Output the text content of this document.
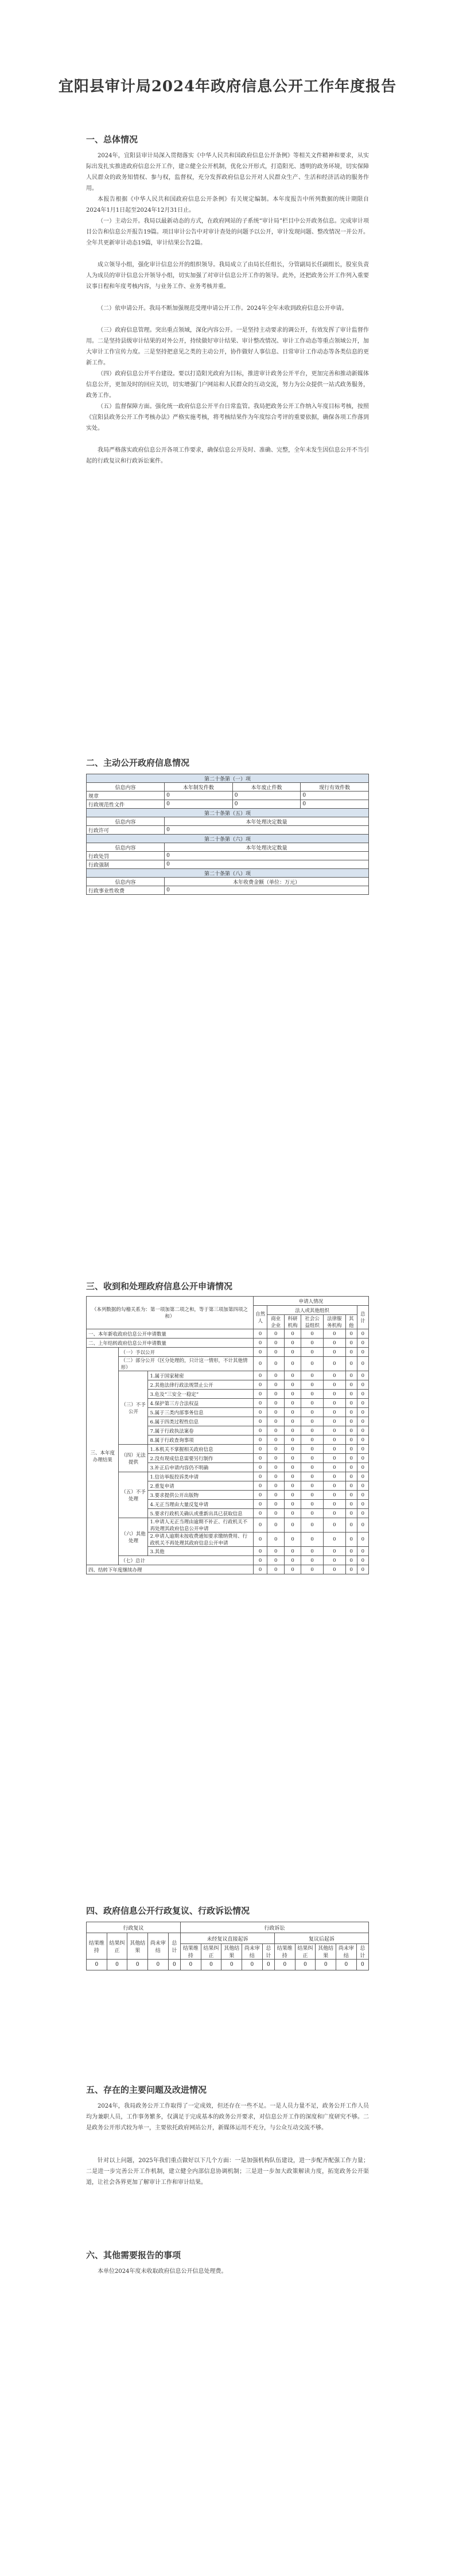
宜阳县审计局2024年政府信息公开工作年度报告
一、总体情况

2024年，宜阳县审计局深入贯彻落实《中华人民共和国政府信息公开条例》等相关文件精神和要求，从实际出发扎实推进政府信息公开工作，建立健全公开机制，优化公开形式，打造阳光、透明的政务环境，切实保障人民群众的政务知情权、参与权，监督权，充分发挥政府信息公开对人民群众生产、生活和经济活动的服务作用。

本报告根据《中华人民共和国政府信息公开条例》有关规定编制。本年度报告中所列数据的统计期限自2024年1月1日起至2024年12月31日止。

（一）主动公开。我局以最新动态的方式，在政府网站的子系统“审计局”栏目中公开政务信息。完成审计项目公告和信息公开报告19篇。项目审计公告中对审计查处的问题予以公开，审计发现问题、整改情况一并公开。全年共更新审计动态19篇，审计结果公告2篇。

成立领导小组，强化审计信息公开的组织领导。我局成立了由局长任组长，分管副局长任副组长，股室负责人为成员的审计信息公开领导小组，切实加强了对审计信息公开工作的领导。此外，还把政务公开工作列入重要议事日程和年度考核内容，与业务工作、业务考核并重。

（二）依申请公开。我局不断加强规范受理申请公开工作。2024年全年未收到政府信息公开申请。

（三）政府信息管理。突出重点领域，深化内容公开。一是坚持主动要求的调公开，有效发挥了审计监督作用。二是坚持县级审计结果的对外公开，持续做好审计结果、审计整改情况、审计工作动态等重点领域公开，加大审计工作宣传力度。三是坚持把意见之类的主动公开，协作做好人事信息、日常审计工作动态等各类信息的更新工作。

（四）政府信息公开平台建设。要以打造阳光政府为目标，推进审计政务公开平台，更加完善和推动新媒体信息公开，更加及时的回应关切，切实增强门户网站和人民群众的互动交流，努力为公众提供一站式政务服务，政务工作。

（五）监督保障方面。强化统一政府信息公开平台日常监管。我局把政务公开工作纳入年度目标考核，按照《宜阳县政务公开工作考核办法》严格实施考核，将考核结果作为年度综合考评的重要依据，确保各项工作落到实处。

我局严格落实政府信息公开各项工作要求，确保信息公开及时、准确、完整，全年未发生因信息公开不当引起的行政复议和行政诉讼案件。

二、主动公开政府信息情况
第二十条第（一）项			
信息内容	本年制发件数	本年废止件数	现行有效件数
规章	0	0	0
行政规范性文件	0	0	0
第二十条第（五）项			
信息内容	本年处理决定数量		
行政许可	0		
第二十条第（六）项			
信息内容	本年处理决定数量		
行政处罚	0		
行政强制	0		
第二十条第（八）项			
信息内容	本年收费金额（单位：万元）		
行政事业性收费	0		
三、收到和处理政府信息公开申请情况
（本列数据的勾稽关系为：第一项加第二项之和，等于第三项加第四项之和）			申请人情况						
			自然人	法人或其他组织					总计
				商业企业	科研机构	社会公益组织	法律服务机构	其他	
一、本年新收政府信息公开申请数量			0	0	0	0	0	0	0
二、上年结转政府信息公开申请数量			0	0	0	0	0	0	0
三、本年度办理结果	（一）予以公开		0	0	0	0	0	0	0
	（二）部分公开（区分处理的，只计这一情形，不计其他情形）		0	0	0	0	0	0	0
	（三）不予公开	1.属于国家秘密	0	0	0	0	0	0	0
		2.其他法律行政法规禁止公开	0	0	0	0	0	0	0
		3.危及“三安全一稳定”	0	0	0	0	0	0	0
		4.保护第三方合法权益	0	0	0	0	0	0	0
		5.属于三类内部事务信息	0	0	0	0	0	0	0
		6.属于四类过程性信息	0	0	0	0	0	0	0
		7.属于行政执法案卷	0	0	0	0	0	0	0
		8.属于行政查询事项	0	0	0	0	0	0	0
	（四）无法提供	1.本机关不掌握相关政府信息	0	0	0	0	0	0	0
		2.没有现成信息需要另行制作	0	0	0	0	0	0	0
		3.补正后申请内容仍不明确	0	0	0	0	0	0	0
	（五）不予处理	1.信访举报投诉类申请	0	0	0	0	0	0	0
		2.重复申请	0	0	0	0	0	0	0
		3.要求提供公开出版物	0	0	0	0	0	0	0
		4.无正当理由大量反复申请	0	0	0	0	0	0	0
		5.要求行政机关确认或重新出具已获取信息	0	0	0	0	0	0	0
	（六）其他处理	1.申请人无正当理由逾期不补正、行政机关不再处理其政府信息公开申请	0	0	0	0	0	0	0
		2.申请人逾期未按收费通知要求缴纳费用、行政机关不再处理其政府信息公开申请	0	0	0	0	0	0	0
		3.其他	0	0	0	0	0	0	0
	（七）总计		0	0	0	0	0	0	0
四、结转下年度继续办理			0	0	0	0	0	0	0
四、政府信息公开行政复议、行政诉讼情况
行政复议					行政诉讼									
结果维持	结果纠正	其他结果	尚未审结	总计	未经复议直接起诉					复议后起诉				
					结果维持	结果纠正	其他结果	尚未审结	总计	结果维持	结果纠正	其他结果	尚未审结	总计
0	0	0	0	0	0	0	0	0	0	0	0	0	0	0
五、存在的主要问题及改进情况

2024年，我局政务公开工作取得了一定成效，但还存在一些不足。一是人员力量不足，政务公开工作人员均为兼职人员，工作事务繁多，仅满足于完成基本的政务公开要求，对信息公开工作的深度和广度研究不够。二是政务公开形式较为单一，主要依托政府网站公开，新媒体运用不充分，与公众互动交流不够。

针对以上问题，2025年我们重点做好以下几个方面：一是加强机构队伍建设，进一步配齐配强工作力量；二是进一步完善公开工作机制，建立健全内部信息协调机制；三是进一步加大政策解读力度，拓宽政务公开渠道，让社会各界更加了解审计工作和审计结果。

六、其他需要报告的事项

本单位2024年度未收取政府信息公开信息处理费。
